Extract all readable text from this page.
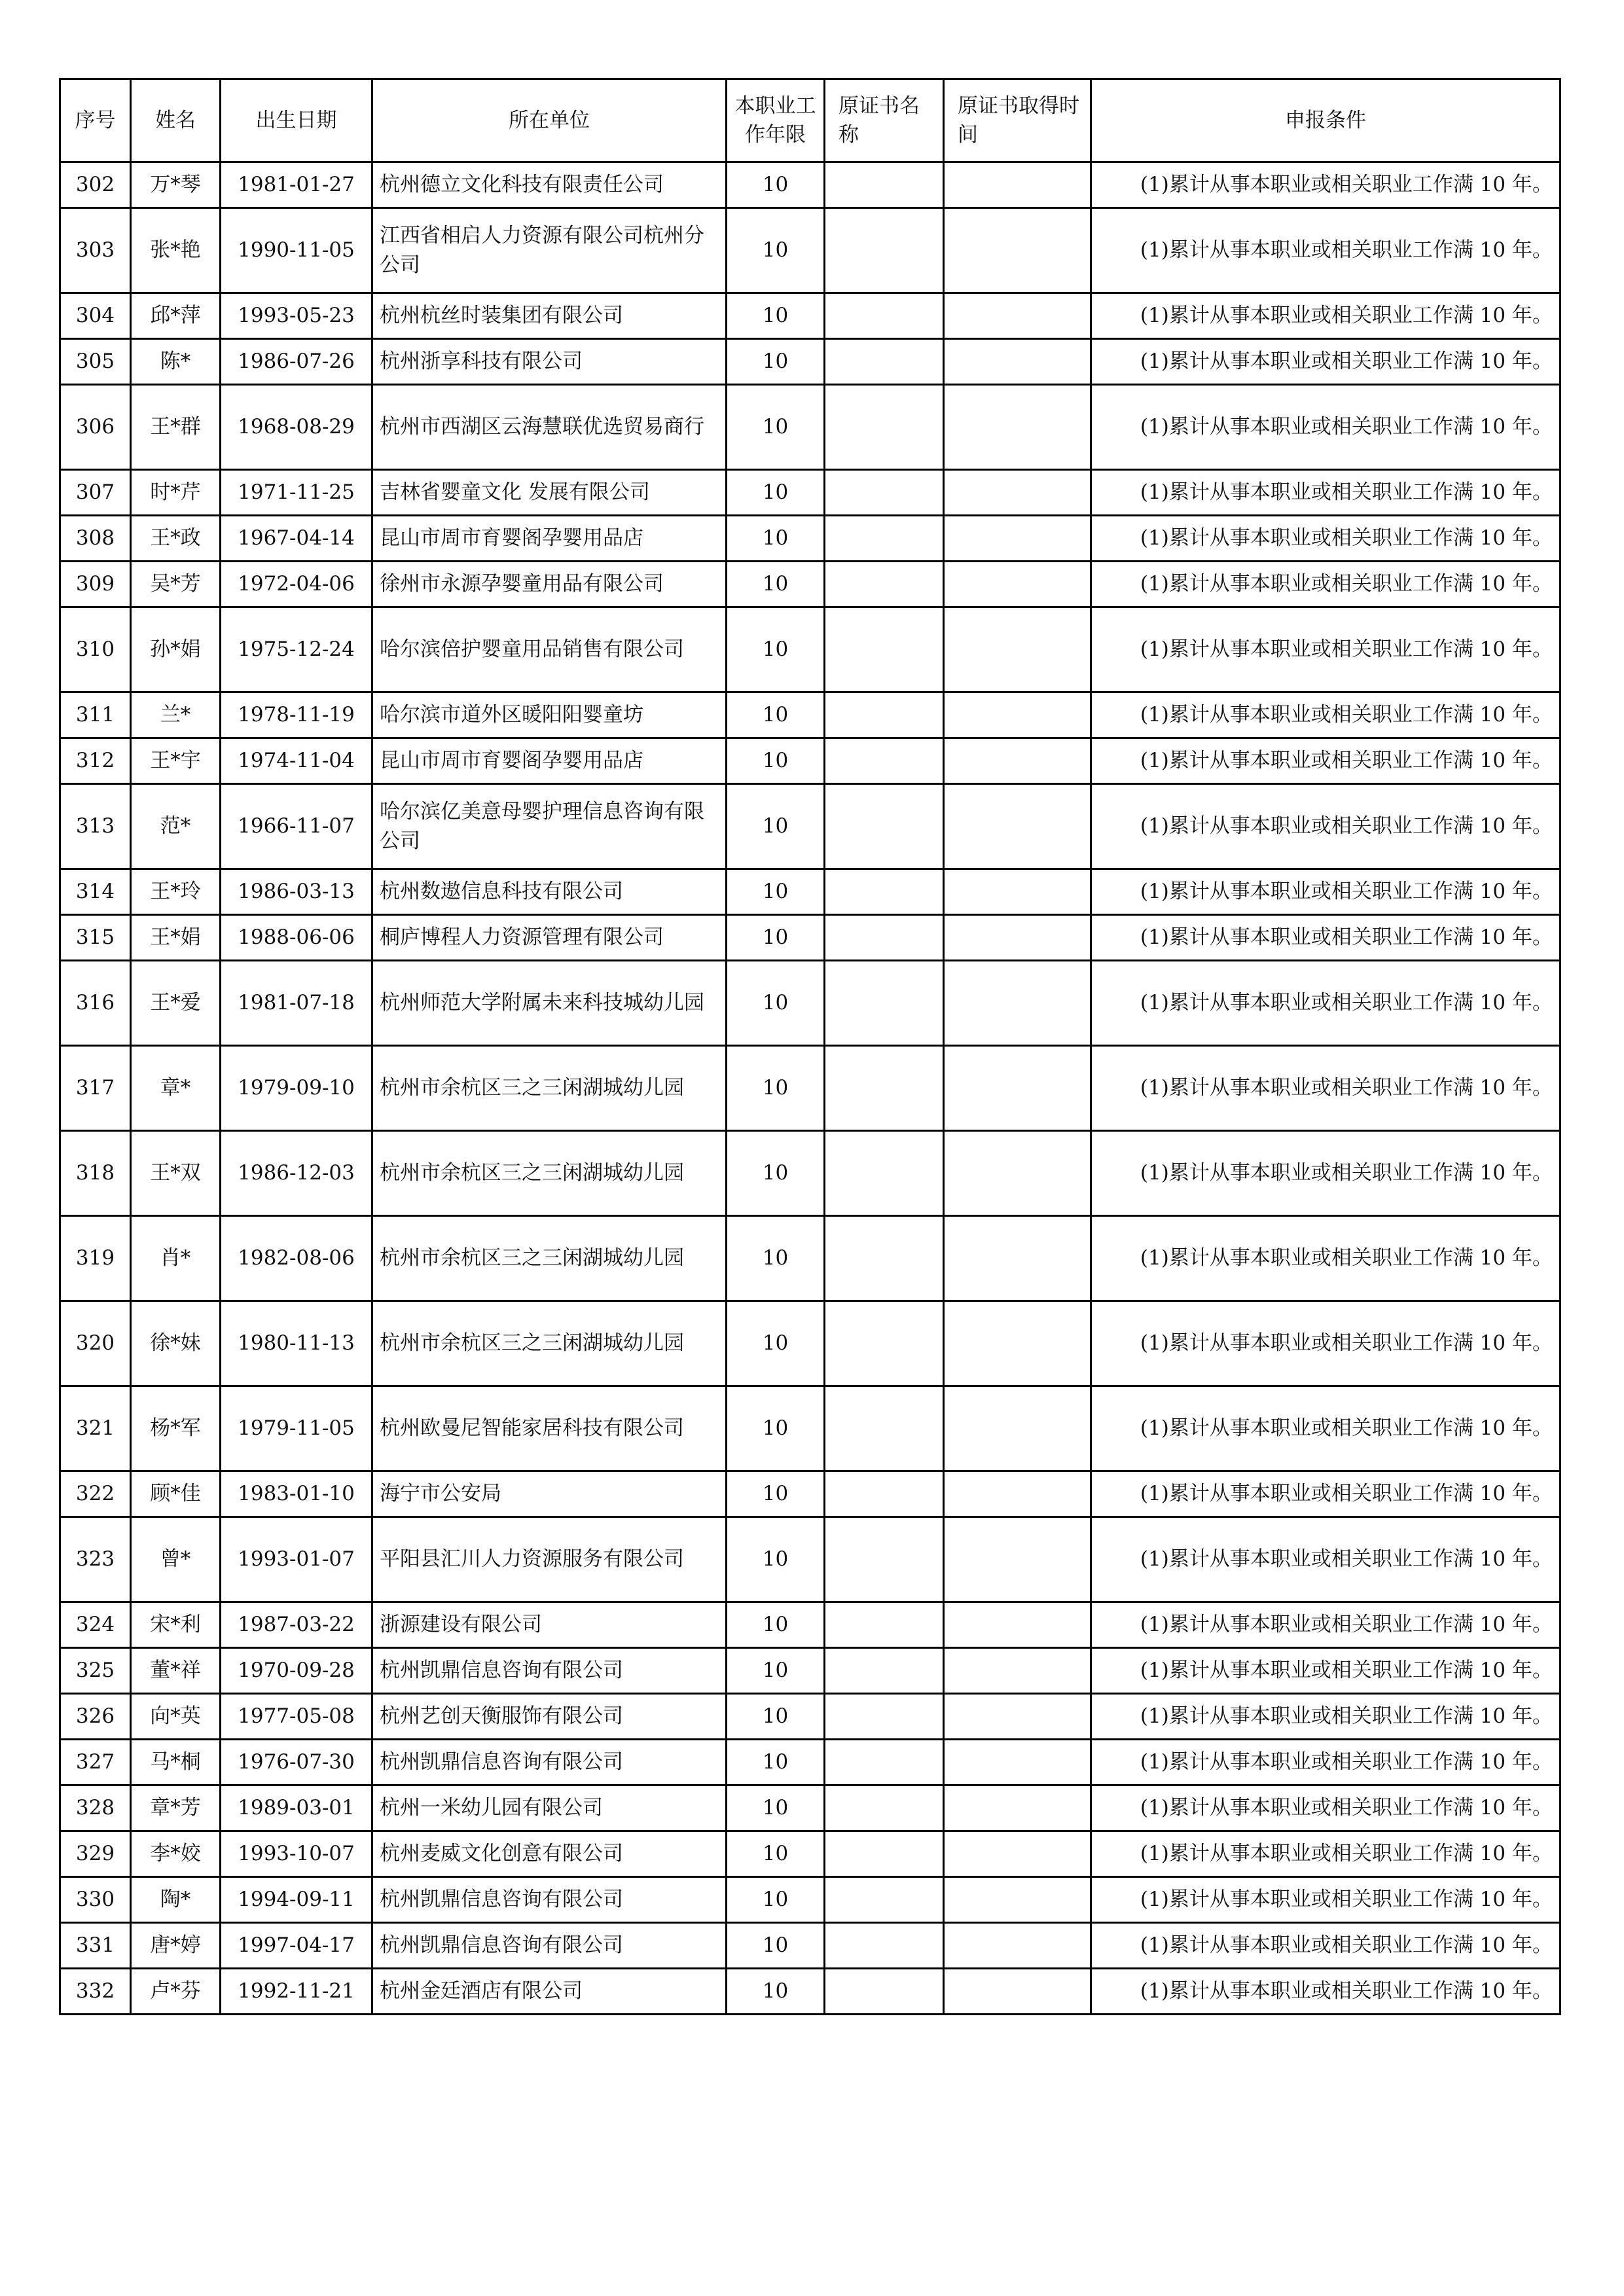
序号	姓名	出生日期	所在单位	本职业工作年限	原证书名称	原证书取得时间	申报条件
302	万*琴	1981-01-27	杭州德立文化科技有限责任公司	10			(1)累计从事本职业或相关职业工作满 10 年。
303	张*艳	1990-11-05	江西省相启人力资源有限公司杭州分公司	10			(1)累计从事本职业或相关职业工作满 10 年。
304	邱*萍	1993-05-23	杭州杭丝时装集团有限公司	10			(1)累计从事本职业或相关职业工作满 10 年。
305	陈*	1986-07-26	杭州浙享科技有限公司	10			(1)累计从事本职业或相关职业工作满 10 年。
306	王*群	1968-08-29	杭州市西湖区云海慧联优选贸易商行	10			(1)累计从事本职业或相关职业工作满 10 年。
307	时*芹	1971-11-25	吉林省婴童文化 发展有限公司	10			(1)累计从事本职业或相关职业工作满 10 年。
308	王*政	1967-04-14	昆山市周市育婴阁孕婴用品店	10			(1)累计从事本职业或相关职业工作满 10 年。
309	吴*芳	1972-04-06	徐州市永源孕婴童用品有限公司	10			(1)累计从事本职业或相关职业工作满 10 年。
310	孙*娟	1975-12-24	哈尔滨倍护婴童用品销售有限公司	10			(1)累计从事本职业或相关职业工作满 10 年。
311	兰*	1978-11-19	哈尔滨市道外区暖阳阳婴童坊	10			(1)累计从事本职业或相关职业工作满 10 年。
312	王*宇	1974-11-04	昆山市周市育婴阁孕婴用品店	10			(1)累计从事本职业或相关职业工作满 10 年。
313	范*	1966-11-07	哈尔滨亿美意母婴护理信息咨询有限公司	10			(1)累计从事本职业或相关职业工作满 10 年。
314	王*玲	1986-03-13	杭州数遨信息科技有限公司	10			(1)累计从事本职业或相关职业工作满 10 年。
315	王*娟	1988-06-06	桐庐博程人力资源管理有限公司	10			(1)累计从事本职业或相关职业工作满 10 年。
316	王*爱	1981-07-18	杭州师范大学附属未来科技城幼儿园	10			(1)累计从事本职业或相关职业工作满 10 年。
317	章*	1979-09-10	杭州市余杭区三之三闲湖城幼儿园	10			(1)累计从事本职业或相关职业工作满 10 年。
318	王*双	1986-12-03	杭州市余杭区三之三闲湖城幼儿园	10			(1)累计从事本职业或相关职业工作满 10 年。
319	肖*	1982-08-06	杭州市余杭区三之三闲湖城幼儿园	10			(1)累计从事本职业或相关职业工作满 10 年。
320	徐*妹	1980-11-13	杭州市余杭区三之三闲湖城幼儿园	10			(1)累计从事本职业或相关职业工作满 10 年。
321	杨*军	1979-11-05	杭州欧曼尼智能家居科技有限公司	10			(1)累计从事本职业或相关职业工作满 10 年。
322	顾*佳	1983-01-10	海宁市公安局	10			(1)累计从事本职业或相关职业工作满 10 年。
323	曾*	1993-01-07	平阳县汇川人力资源服务有限公司	10			(1)累计从事本职业或相关职业工作满 10 年。
324	宋*利	1987-03-22	浙源建设有限公司	10			(1)累计从事本职业或相关职业工作满 10 年。
325	董*祥	1970-09-28	杭州凯鼎信息咨询有限公司	10			(1)累计从事本职业或相关职业工作满 10 年。
326	向*英	1977-05-08	杭州艺创天衡服饰有限公司	10			(1)累计从事本职业或相关职业工作满 10 年。
327	马*桐	1976-07-30	杭州凯鼎信息咨询有限公司	10			(1)累计从事本职业或相关职业工作满 10 年。
328	章*芳	1989-03-01	杭州一米幼儿园有限公司	10			(1)累计从事本职业或相关职业工作满 10 年。
329	李*姣	1993-10-07	杭州麦威文化创意有限公司	10			(1)累计从事本职业或相关职业工作满 10 年。
330	陶*	1994-09-11	杭州凯鼎信息咨询有限公司	10			(1)累计从事本职业或相关职业工作满 10 年。
331	唐*婷	1997-04-17	杭州凯鼎信息咨询有限公司	10			(1)累计从事本职业或相关职业工作满 10 年。
332	卢*芬	1992-11-21	杭州金廷酒店有限公司	10			(1)累计从事本职业或相关职业工作满 10 年。
